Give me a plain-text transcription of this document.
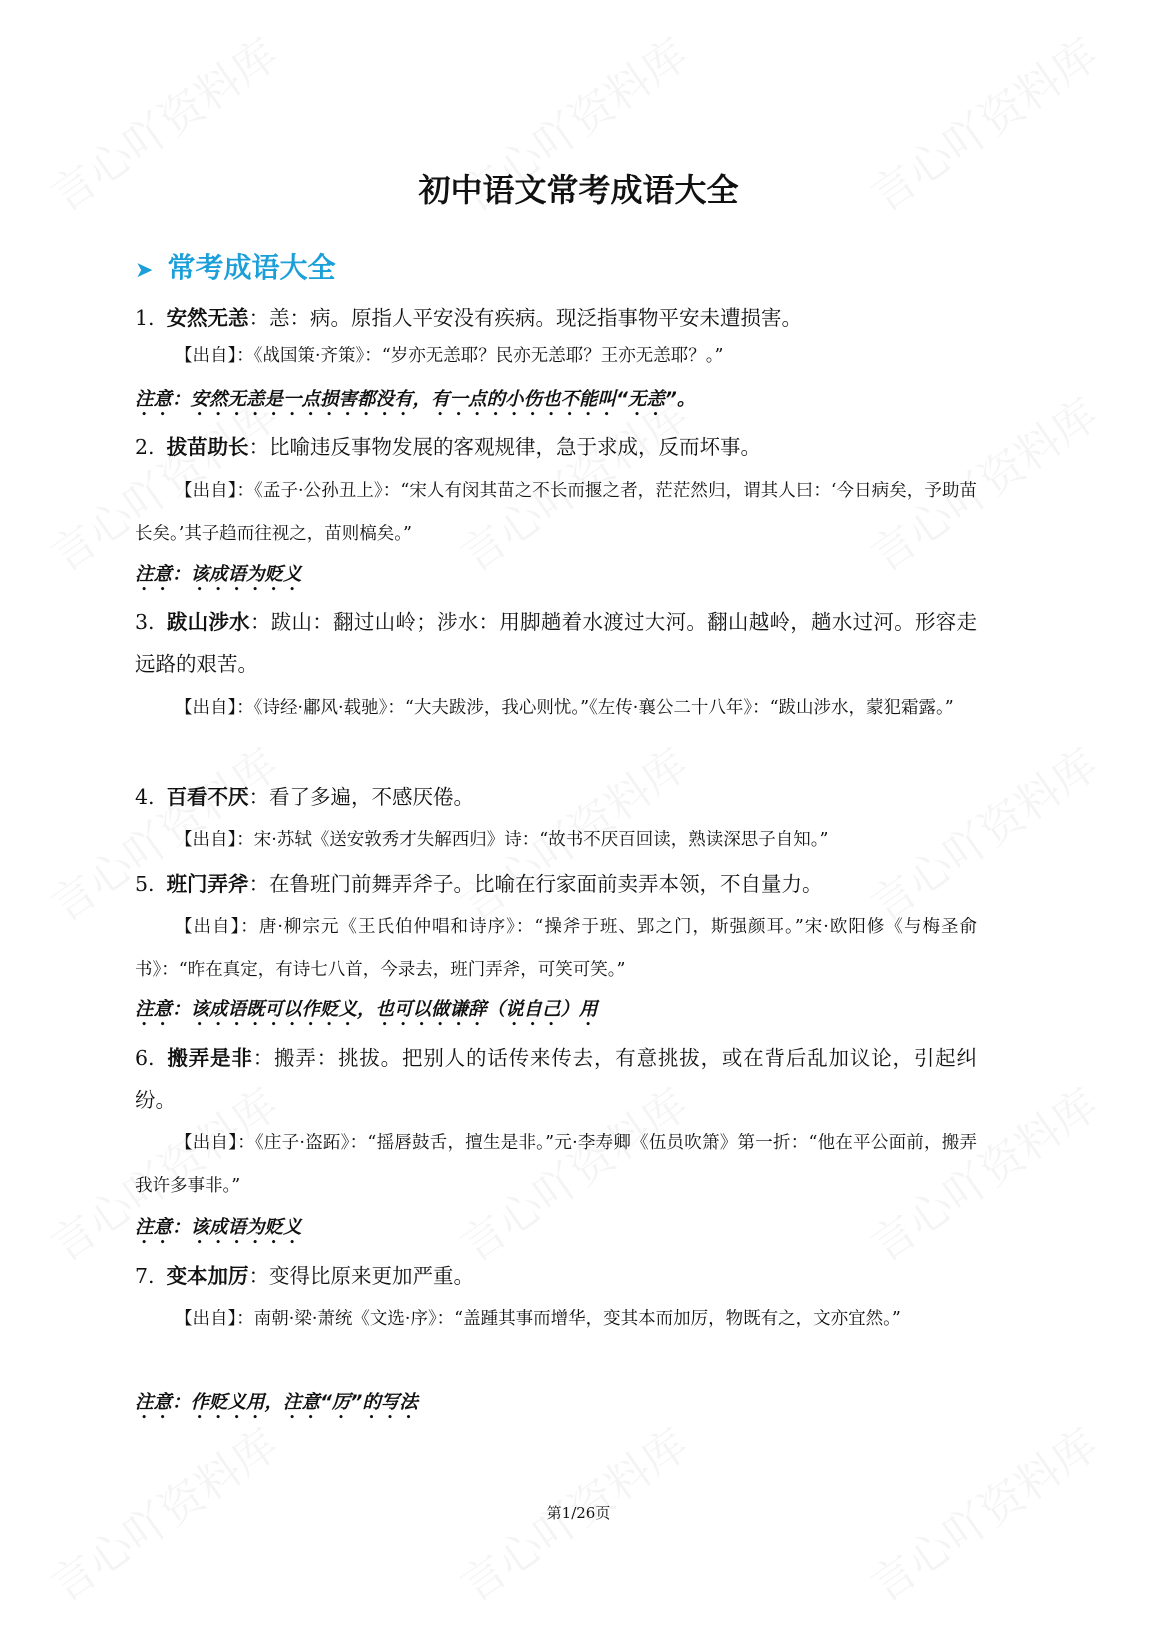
初中语文常考成语大全
➤ 常考成语大全
1. 安然无恙：恙：病。原指人平安没有疾病。现泛指事物平安未遭损害。
【出自】：《战国策·齐策》：“岁亦无恙耶？民亦无恙耶？王亦无恙耶？。”
注意：安然无恙是一点损害都没有，有一点的小伤也不能叫“无恙”。
2. 拔苗助长：比喻违反事物发展的客观规律，急于求成，反而坏事。
【出自】：《孟子·公孙丑上》：“宋人有闵其苗之不长而揠之者，茫茫然归，谓其人曰：‘今日病矣，予助苗长矣。’其子趋而往视之，苗则槁矣。”
注意：该成语为贬义
3. 跋山涉水：跋山：翻过山岭；涉水：用脚趟着水渡过大河。翻山越岭，趟水过河。形容走远路的艰苦。
【出自】：《诗经·鄘风·载驰》：“大夫跋涉，我心则忧。”《左传·襄公二十八年》：“跋山涉水，蒙犯霜露。”
4. 百看不厌：看了多遍，不感厌倦。
【出自】：宋·苏轼《送安敦秀才失解西归》诗：“故书不厌百回读，熟读深思子自知。”
5. 班门弄斧：在鲁班门前舞弄斧子。比喻在行家面前卖弄本领，不自量力。
【出自】：唐·柳宗元《王氏伯仲唱和诗序》：“操斧于班、郢之门，斯强颜耳。”宋·欧阳修《与梅圣俞书》：“昨在真定，有诗七八首，今录去，班门弄斧，可笑可笑。”
注意：该成语既可以作贬义，也可以做谦辞（说自己）用
6. 搬弄是非：搬弄：挑拔。把别人的话传来传去，有意挑拔，或在背后乱加议论，引起纠纷。
【出自】：《庄子·盗跖》：“摇唇鼓舌，擅生是非。”元·李寿卿《伍员吹箫》第一折：“他在平公面前，搬弄我许多事非。”
注意：该成语为贬义
7. 变本加厉：变得比原来更加严重。
【出自】：南朝·梁·萧统《文选·序》：“盖踵其事而增华，变其本而加厉，物既有之，文亦宜然。”
注意：作贬义用，注意“厉”的写法
第1/26页
